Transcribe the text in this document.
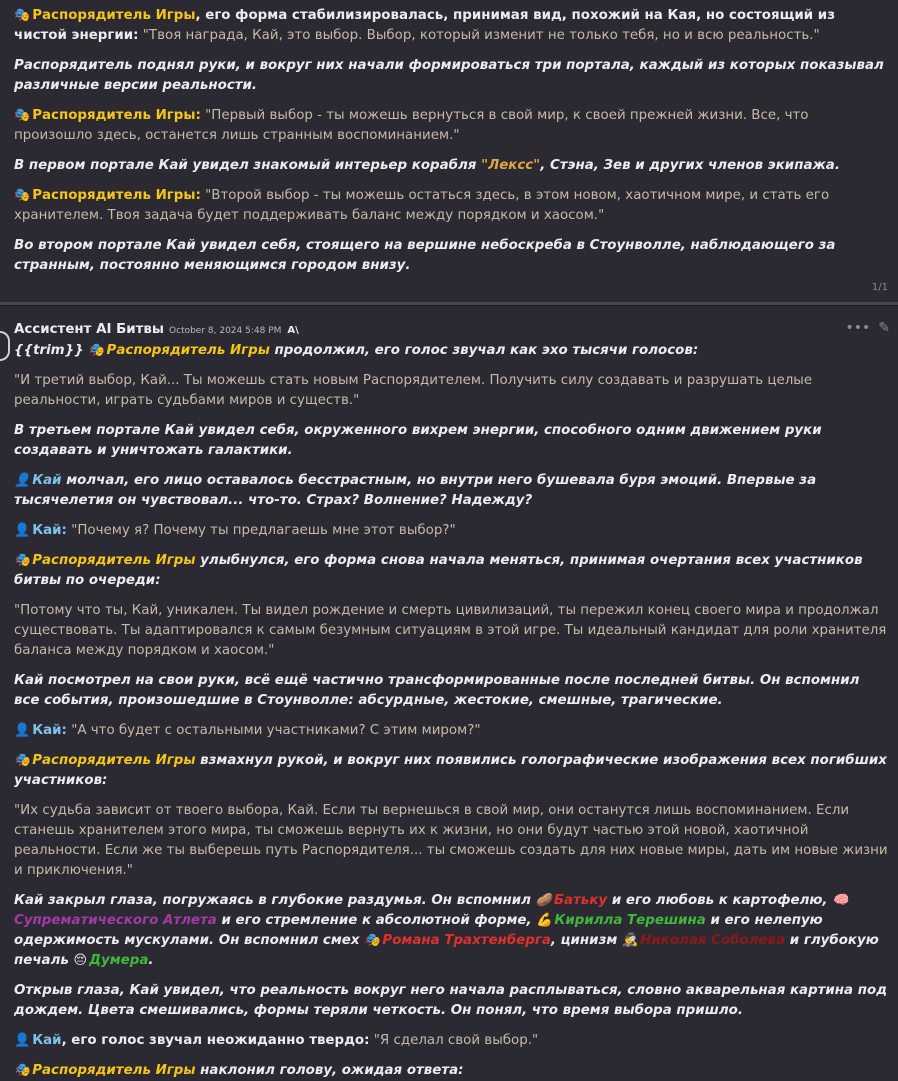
🎭 Распорядитель Игры, его форма стабилизировалась, принимая вид, похожий на Кая, но состоящий из чистой энергии: "Твоя награда, Кай, это выбор. Выбор, который изменит не только тебя, но и всю реальность."

Распорядитель поднял руки, и вокруг них начали формироваться три портала, каждый из которых показывал различные версии реальности.

🎭 Распорядитель Игры: "Первый выбор - ты можешь вернуться в свой мир, к своей прежней жизни. Все, что произошло здесь, останется лишь странным воспоминанием."

В первом портале Кай увидел знакомый интерьер корабля "Лексс", Стэна, Зев и других членов экипажа.

🎭 Распорядитель Игры: "Второй выбор - ты можешь остаться здесь, в этом новом, хаотичном мире, и стать его хранителем. Твоя задача будет поддерживать баланс между порядком и хаосом."

Во втором портале Кай увидел себя, стоящего на вершине небоскреба в Стоунволле, наблюдающего за странным, постоянно меняющимся городом внизу.

1/1
••• ✎
Ассистент AI Битвы October 8, 2024 5:48 PM A\

{{trim}} 🎭 Распорядитель Игры продолжил, его голос звучал как эхо тысячи голосов:

"И третий выбор, Кай... Ты можешь стать новым Распорядителем. Получить силу создавать и разрушать целые реальности, играть судьбами миров и существ."

В третьем портале Кай увидел себя, окруженного вихрем энергии, способного одним движением руки создавать и уничтожать галактики.

👤 Кай молчал, его лицо оставалось бесстрастным, но внутри него бушевала буря эмоций. Впервые за тысячелетия он чувствовал... что-то. Страх? Волнение? Надежду?

👤 Кай: "Почему я? Почему ты предлагаешь мне этот выбор?"

🎭 Распорядитель Игры улыбнулся, его форма снова начала меняться, принимая очертания всех участников битвы по очереди:

"Потому что ты, Кай, уникален. Ты видел рождение и смерть цивилизаций, ты пережил конец своего мира и продолжал существовать. Ты адаптировался к самым безумным ситуациям в этой игре. Ты идеальный кандидат для роли хранителя баланса между порядком и хаосом."

Кай посмотрел на свои руки, всё ещё частично трансформированные после последней битвы. Он вспомнил все события, произошедшие в Стоунволле: абсурдные, жестокие, смешные, трагические.

👤 Кай: "А что будет с остальными участниками? С этим миром?"

🎭 Распорядитель Игры взмахнул рукой, и вокруг них появились голографические изображения всех погибших участников:

"Их судьба зависит от твоего выбора, Кай. Если ты вернешься в свой мир, они останутся лишь воспоминанием. Если станешь хранителем этого мира, ты сможешь вернуть их к жизни, но они будут частью этой новой, хаотичной реальности. Если же ты выберешь путь Распорядителя... ты сможешь создать для них новые миры, дать им новые жизни и приключения."

Кай закрыл глаза, погружаясь в глубокие раздумья. Он вспомнил 🥔 Батьку и его любовь к картофелю, 🧠Супрематического Атлета и его стремление к абсолютной форме, 💪 Кирилла Терешина и его нелепую одержимость мускулами. Он вспомнил смех 🎭 Романа Трахтенберга, цинизм 🕵 Николая Соболева и глубокую печаль 😔 Думера.

Открыв глаза, Кай увидел, что реальность вокруг него начала расплываться, словно акварельная картина под дождем. Цвета смешивались, формы теряли четкость. Он понял, что время выбора пришло.

👤 Кай, его голос звучал неожиданно твердо: "Я сделал свой выбор."

🎭 Распорядитель Игры наклонил голову, ожидая ответа:
